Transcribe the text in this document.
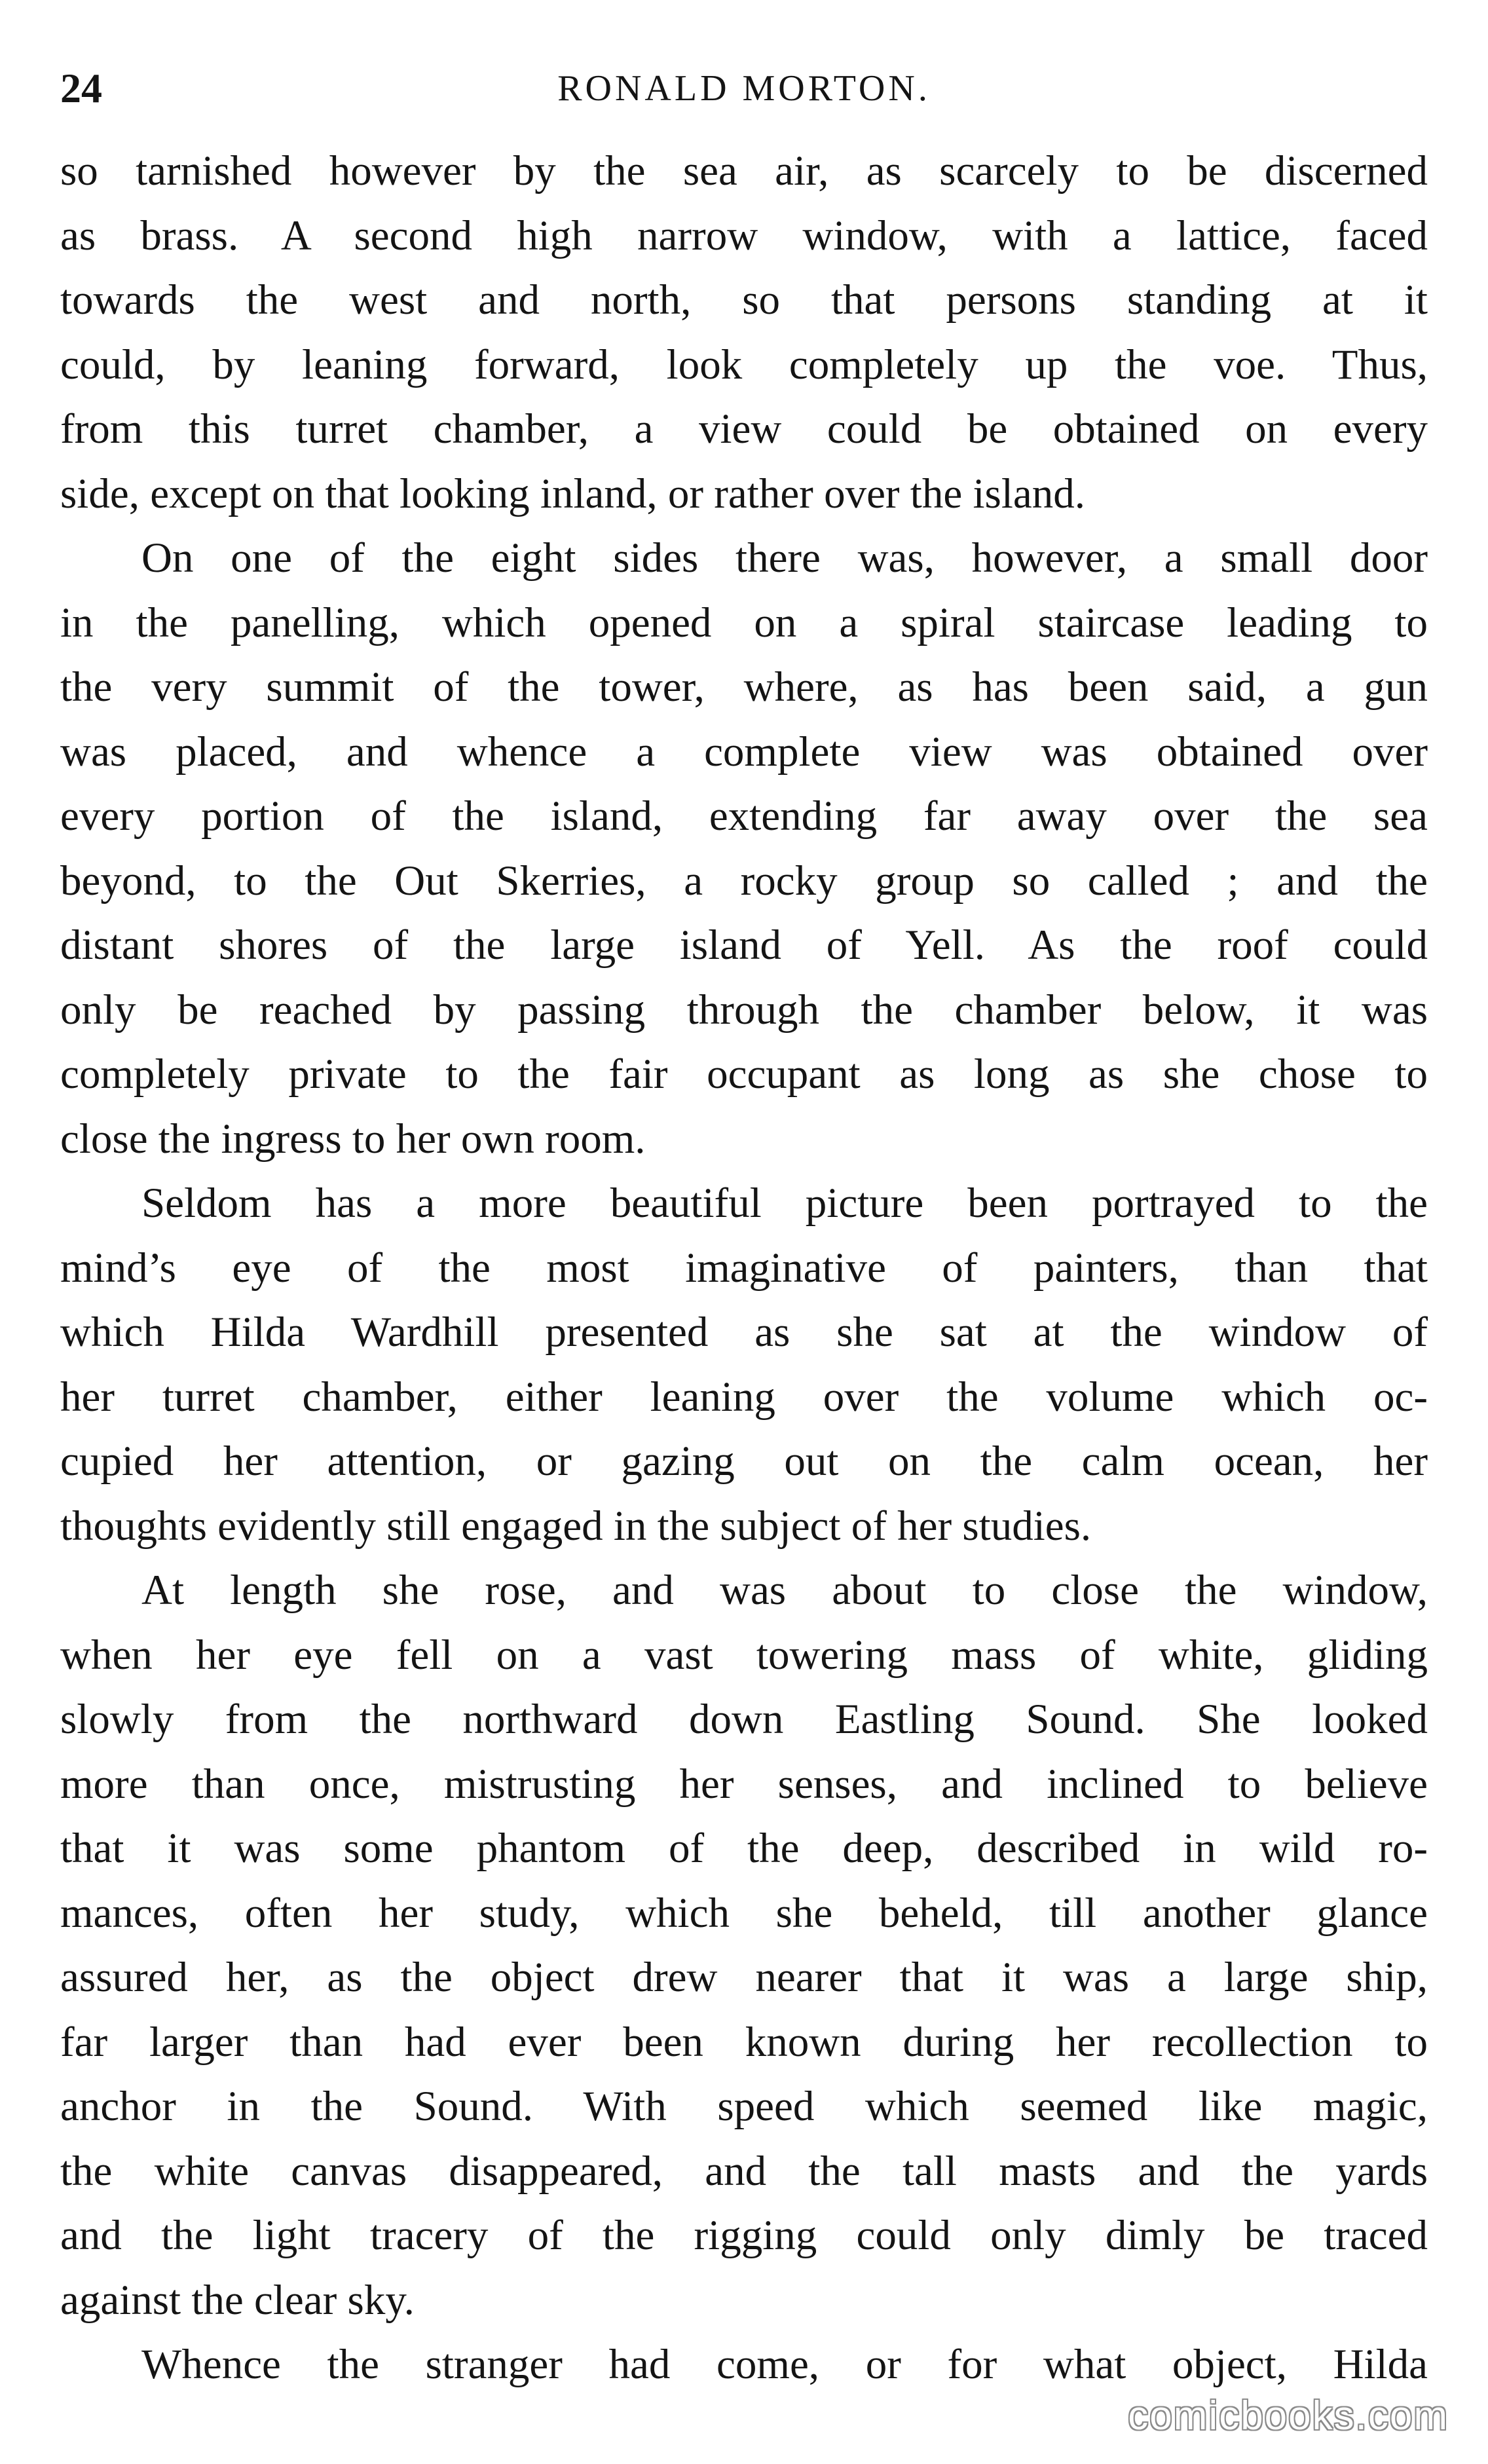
24	RONALD MORTON.
so tarnished however by the sea air, as scarcely to be discerned
as brass. A second high narrow window, with a lattice, faced
towards the west and north, so that persons standing at it
could, by leaning forward, look completely up the voe. Thus,
from this turret chamber, a view could be obtained on every
side, except on that looking inland, or rather over the island.
On one of the eight sides there was, however, a small door
in the panelling, which opened on a spiral staircase leading to
the very summit of the tower, where, as has been said, a gun
was placed, and whence a complete view was obtained over
every portion of the island, extending far away over the sea
beyond, to the Out Skerries, a rocky group so called ; and the
distant shores of the large island of Yell. As the roof could
only be reached by passing through the chamber below, it was
completely private to the fair occupant as long as she chose to
close the ingress to her own room.
Seldom has a more beautiful picture been portrayed to the
mind’s eye of the most imaginative of painters, than that
which Hilda Wardhill presented as she sat at the window of
her turret chamber, either leaning over the volume which oc-
cupied her attention, or gazing out on the calm ocean, her
thoughts evidently still engaged in the subject of her studies.
At length she rose, and was about to close the window,
when her eye fell on a vast towering mass of white, gliding
slowly from the northward down Eastling Sound. She looked
more than once, mistrusting her senses, and inclined to believe
that it was some phantom of the deep, described in wild ro-
mances, often her study, which she beheld, till another glance
assured her, as the object drew nearer that it was a large ship,
far larger than had ever been known during her recollection to
anchor in the Sound. With speed which seemed like magic,
the white canvas disappeared, and the tall masts and the yards
and the light tracery of the rigging could only dimly be traced
against the clear sky.
Whence the stranger had come, or for what object, Hilda
comicbooks.com
